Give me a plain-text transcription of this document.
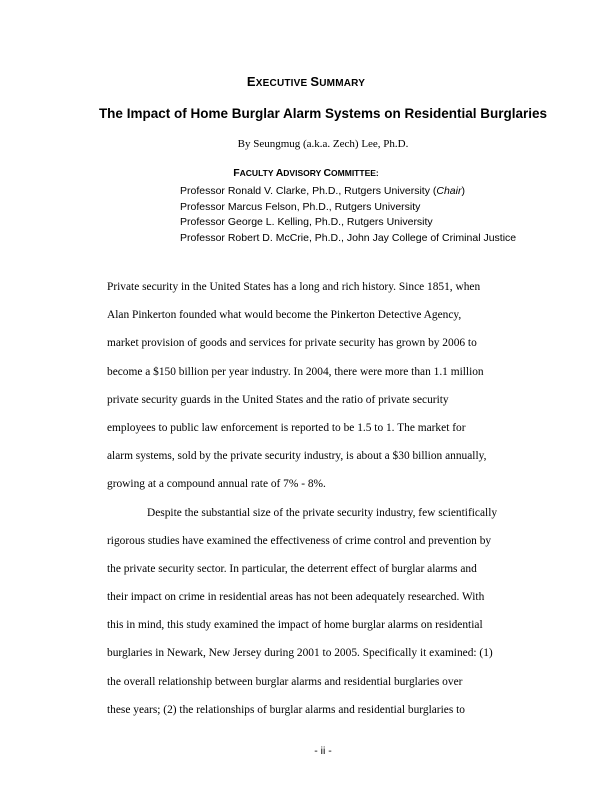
EXECUTIVE SUMMARY
The Impact of Home Burglar Alarm Systems on Residential Burglaries
By Seungmug (a.k.a. Zech) Lee, Ph.D.
FACULTY ADVISORY COMMITTEE:
Professor Ronald V. Clarke, Ph.D., Rutgers University (Chair)
Professor Marcus Felson, Ph.D., Rutgers University
Professor George L. Kelling, Ph.D., Rutgers University
Professor Robert D. McCrie, Ph.D., John Jay College of Criminal Justice
Private security in the United States has a long and rich history. Since 1851, when
Alan Pinkerton founded what would become the Pinkerton Detective Agency,
market provision of goods and services for private security has grown by 2006 to
become a $150 billion per year industry. In 2004, there were more than 1.1 million
private security guards in the United States and the ratio of private security
employees to public law enforcement is reported to be 1.5 to 1. The market for
alarm systems, sold by the private security industry, is about a $30 billion annually,
growing at a compound annual rate of 7% - 8%.
Despite the substantial size of the private security industry, few scientifically
rigorous studies have examined the effectiveness of crime control and prevention by
the private security sector. In particular, the deterrent effect of burglar alarms and
their impact on crime in residential areas has not been adequately researched. With
this in mind, this study examined the impact of home burglar alarms on residential
burglaries in Newark, New Jersey during 2001 to 2005. Specifically it examined: (1)
the overall relationship between burglar alarms and residential burglaries over
these years; (2) the relationships of burglar alarms and residential burglaries to
- ii -
